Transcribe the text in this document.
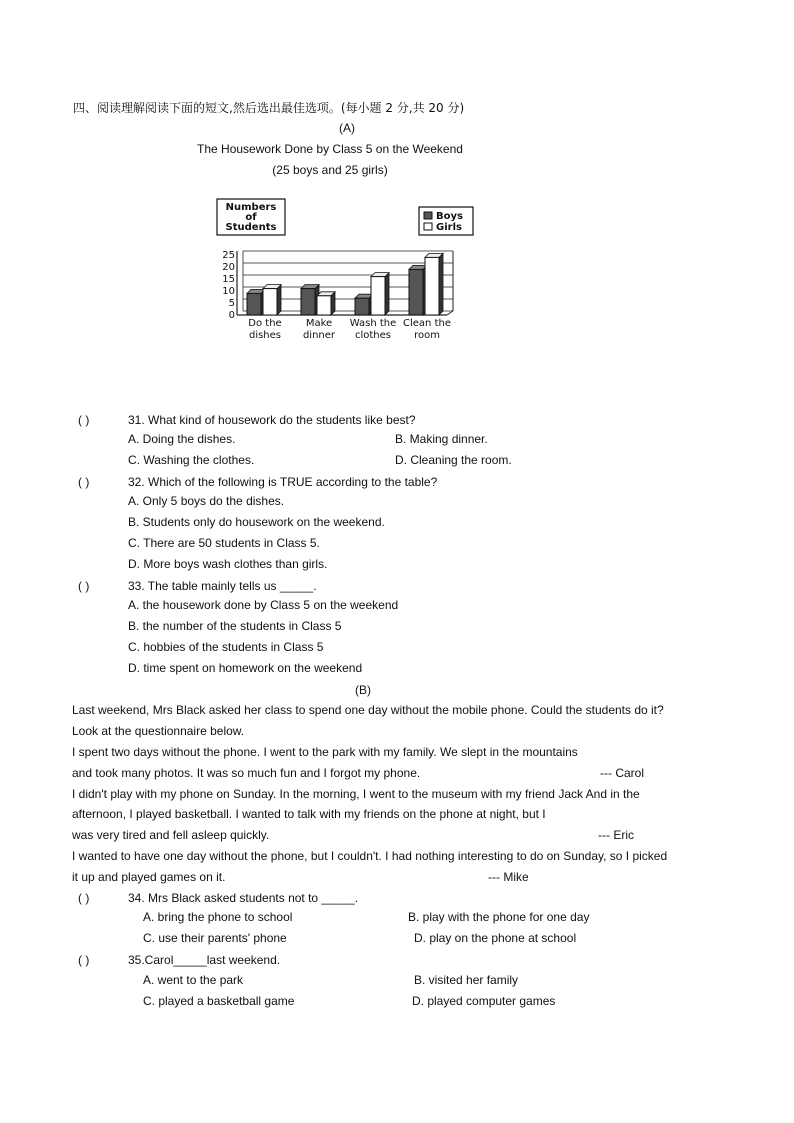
四、阅读理解阅读下面的短文,然后选出最佳选项。(每小题 2 分,共 20 分)
(A)
The Housework Done by Class 5 on the Weekend
(25 boys and 25 girls)
0
5
10
15
20
25
Do the
dishes
Make
dinner
Wash the
clothes
Clean the
room
Numbers
of
Students
Boys
Girls
( )	31. What kind of housework do the students like best?
A. Doing the dishes.	B. Making dinner.
C. Washing the clothes.	D. Cleaning the room.
( )	32. Which of the following is TRUE according to the table?
A. Only 5 boys do the dishes.
B. Students only do housework on the weekend.
C. There are 50 students in Class 5.
D. More boys wash clothes than girls.
( )	33. The table mainly tells us _____.
A. the housework done by Class 5 on the weekend
B. the number of the students in Class 5
C. hobbies of the students in Class 5
D. time spent on homework on the weekend
(B)
Last weekend, Mrs Black asked her class to spend one day without the mobile phone. Could the students do it?
Look at the questionnaire below.
I spent two days without the phone. I went to the park with my family. We slept in the mountains
and took many photos. It was so much fun and I forgot my phone.	--- Carol
I didn't play with my phone on Sunday. In the morning, I went to the museum with my friend Jack And in the
afternoon, I played basketball. I wanted to talk with my friends on the phone at night, but I
was very tired and fell asleep quickly.	--- Eric
I wanted to have one day without the phone, but I couldn't. I had nothing interesting to do on Sunday, so I picked
it up and played games on it.	--- Mike
( )	34. Mrs Black asked students not to _____.
A. bring the phone to school	B. play with the phone for one day
C. use their parents' phone	D. play on the phone at school
( )	35.Carol_____last weekend.
A. went to the park	B. visited her family
C. played a basketball game	D. played computer games
